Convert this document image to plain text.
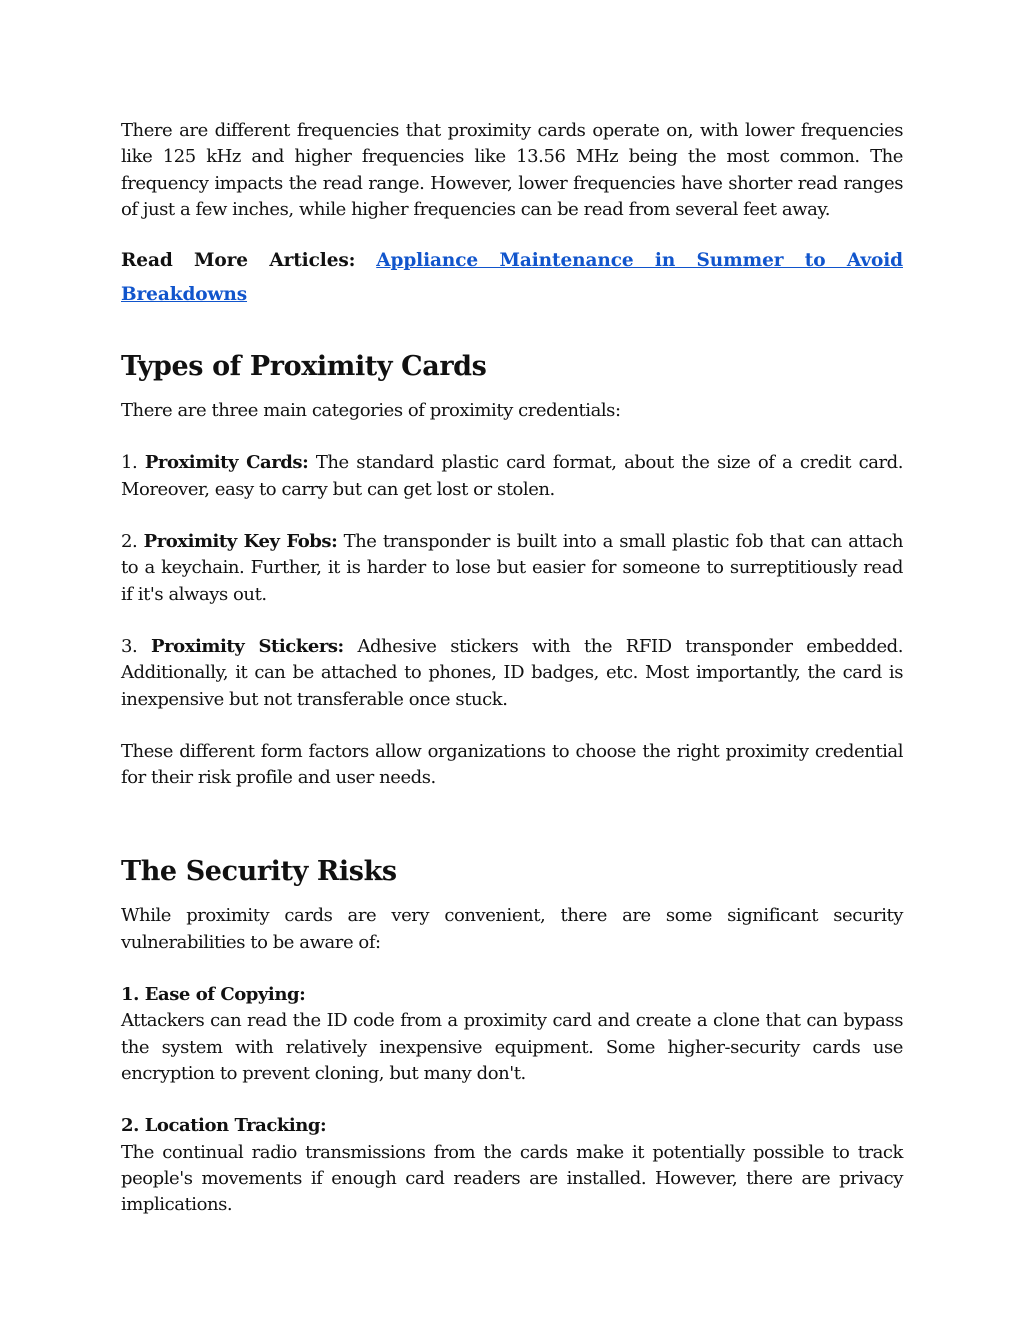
There are different frequencies that proximity cards operate on, with lower frequencies like 125 kHz and higher frequencies like 13.56 MHz being the most common. The frequency impacts the read range. However, lower frequencies have shorter read ranges of just a few inches, while higher frequencies can be read from several feet away.

Read More Articles: Appliance Maintenance in Summer to Avoid Breakdowns

Types of Proximity Cards

There are three main categories of proximity credentials:

1. Proximity Cards: The standard plastic card format, about the size of a credit card. Moreover, easy to carry but can get lost or stolen.

2. Proximity Key Fobs: The transponder is built into a small plastic fob that can attach to a keychain. Further, it is harder to lose but easier for someone to surreptitiously read if it's always out.

3. Proximity Stickers: Adhesive stickers with the RFID transponder embedded. Additionally, it can be attached to phones, ID badges, etc. Most importantly, the card is inexpensive but not transferable once stuck.

These different form factors allow organizations to choose the right proximity credential for their risk profile and user needs.

The Security Risks

While proximity cards are very convenient, there are some significant security vulnerabilities to be aware of:

1. Ease of Copying:
Attackers can read the ID code from a proximity card and create a clone that can bypass the system with relatively inexpensive equipment. Some higher-security cards use encryption to prevent cloning, but many don't.

2. Location Tracking:
The continual radio transmissions from the cards make it potentially possible to track people's movements if enough card readers are installed. However, there are privacy implications.
